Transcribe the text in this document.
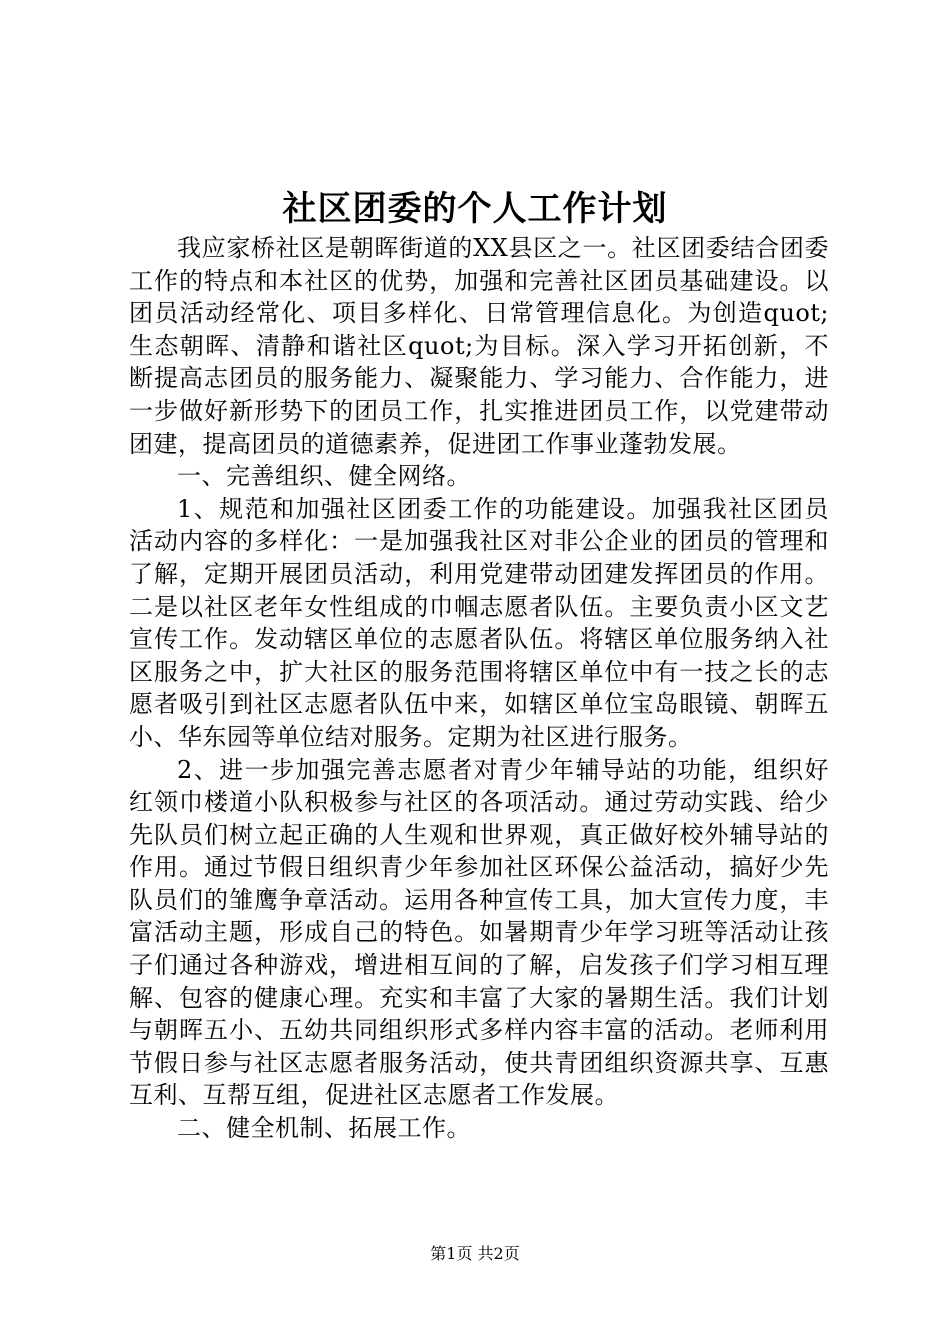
社区团委的个人工作计划

我应家桥社区是朝晖街道的XX县区之一。社区团委结合团委工作的特点和本社区的优势，加强和完善社区团员基础建设。以团员活动经常化、项目多样化、日常管理信息化。为创造quot;生态朝晖、清静和谐社区quot;为目标。深入学习开拓创新，不断提高志团员的服务能力、凝聚能力、学习能力、合作能力，进一步做好新形势下的团员工作，扎实推进团员工作，以党建带动团建，提高团员的道德素养，促进团工作事业蓬勃发展。

一、完善组织、健全网络。

1、规范和加强社区团委工作的功能建设。加强我社区团员活动内容的多样化：一是加强我社区对非公企业的团员的管理和了解，定期开展团员活动，利用党建带动团建发挥团员的作用。二是以社区老年女性组成的巾帼志愿者队伍。主要负责小区文艺宣传工作。发动辖区单位的志愿者队伍。将辖区单位服务纳入社区服务之中，扩大社区的服务范围将辖区单位中有一技之长的志愿者吸引到社区志愿者队伍中来，如辖区单位宝岛眼镜、朝晖五小、华东园等单位结对服务。定期为社区进行服务。

2、进一步加强完善志愿者对青少年辅导站的功能，组织好红领巾楼道小队积极参与社区的各项活动。通过劳动实践、给少先队员们树立起正确的人生观和世界观，真正做好校外辅导站的作用。通过节假日组织青少年参加社区环保公益活动，搞好少先队员们的雏鹰争章活动。运用各种宣传工具，加大宣传力度，丰富活动主题，形成自己的特色。如暑期青少年学习班等活动让孩子们通过各种游戏，增进相互间的了解，启发孩子们学习相互理解、包容的健康心理。充实和丰富了大家的暑期生活。我们计划与朝晖五小、五幼共同组织形式多样内容丰富的活动。老师利用节假日参与社区志愿者服务活动，使共青团组织资源共享、互惠互利、互帮互组，促进社区志愿者工作发展。

二、健全机制、拓展工作。

第1页 共2页
